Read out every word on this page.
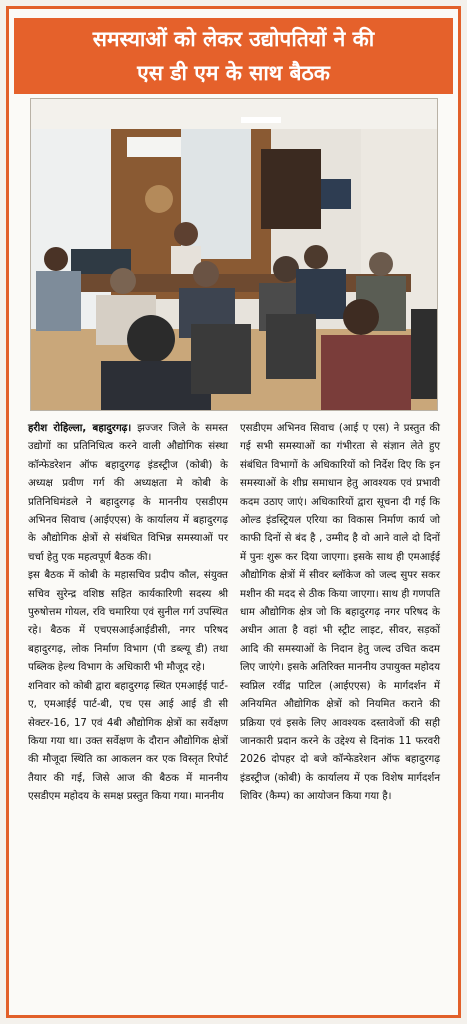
समस्याओं को लेकर उद्योपतियों ने की
एस डी एम के साथ बैठक

हरीश रोहिल्ला, बहादुरगढ़। झज्जर जिले के समस्त उद्योगों का प्रतिनिधित्व करने वाली औद्योगिक संस्था कॉन्फेडरेशन ऑफ बहादुरगढ़ इंडस्ट्रीज (कोबी) के अध्यक्ष प्रवीण गर्ग की अध्यक्षता मे कोबी के प्रतिनिधिमंडले ने बहादुरगढ़ के माननीय एसडीएम अभिनव सिवाच (आईएएस) के कार्यालय में बहादुरगढ़ के औद्योगिक क्षेत्रों से संबंधित विभिन्न समस्याओं पर चर्चा हेतु एक महत्वपूर्ण बैठक की।

इस बैठक में कोबी के महासचिव प्रदीप कौल, संयुक्त सचिव सुरेन्द्र वशिष्ठ सहित कार्यकारिणी सदस्य श्री पुरुषोत्तम गोयल, रवि चमारिया एवं सुनील गर्ग उपस्थित रहे। बैठक में एचएसआईआईडीसी, नगर परिषद बहादुरगढ़, लोक निर्माण विभाग (पी डब्ल्यू डी) तथा पब्लिक हेल्थ विभाग के अधिकारी भी मौजूद रहे।

शनिवार को कोबी द्वारा बहादुरगढ़ स्थित एमआईई पार्ट-ए, एमआईई पार्ट-बी, एच एस आई आई डी सी सेक्टर-16, 17 एवं 4बी औद्योगिक क्षेत्रों का सर्वेक्षण किया गया था। उक्त सर्वेक्षण के दौरान औद्योगिक क्षेत्रों की मौजूदा स्थिति का आकलन कर एक विस्तृत रिपोर्ट तैयार की गई, जिसे आज की बैठक में माननीय एसडीएम महोदय के समक्ष प्रस्तुत किया गया। माननीय

एसडीएम अभिनव सिवाच (आई ए एस) ने प्रस्तुत की गई सभी समस्याओं का गंभीरता से संज्ञान लेते हुए संबंधित विभागों के अधिकारियों को निर्देश दिए कि इन समस्याओं के शीघ्र समाधान हेतु आवश्यक एवं प्रभावी कदम उठाए जाएं। अधिकारियों द्वारा सूचना दी गई कि ओल्ड इंडस्ट्रियल एरिया का विकास निर्माण कार्य जो काफी दिनों से बंद है , उम्मीद है वो आने वाले दो दिनों में पुनः शुरू कर दिया जाएगा। इसके साथ ही एमआईई औद्योगिक क्षेत्रों में सीवर ब्लॉकेज को जल्द सुपर सकर मशीन की मदद से ठीक किया जाएगा। साथ ही गणपति धाम औद्योगिक क्षेत्र जो कि बहादुरगढ़ नगर परिषद के अधीन आता है वहां भी स्ट्रीट लाइट, सीवर, सड़कों आदि की समस्याओं के निदान हेतु जल्द उचित कदम लिए जाएंगे। इसके अतिरिक्त माननीय उपायुक्त महोदय स्वप्निल रवींद्र पाटिल (आईएएस) के मार्गदर्शन में अनियमित औद्योगिक क्षेत्रों को नियमित कराने की प्रक्रिया एवं इसके लिए आवश्यक दस्तावेजों की सही जानकारी प्रदान करने के उद्देश्य से दिनांक 11 फरवरी 2026 दोपहर दो बजे कॉन्फेडरेशन ऑफ बहादुरगढ़ इंडस्ट्रीज (कोबी) के कार्यालय में एक विशेष मार्गदर्शन शिविर (कैम्प) का आयोजन किया गया है।
